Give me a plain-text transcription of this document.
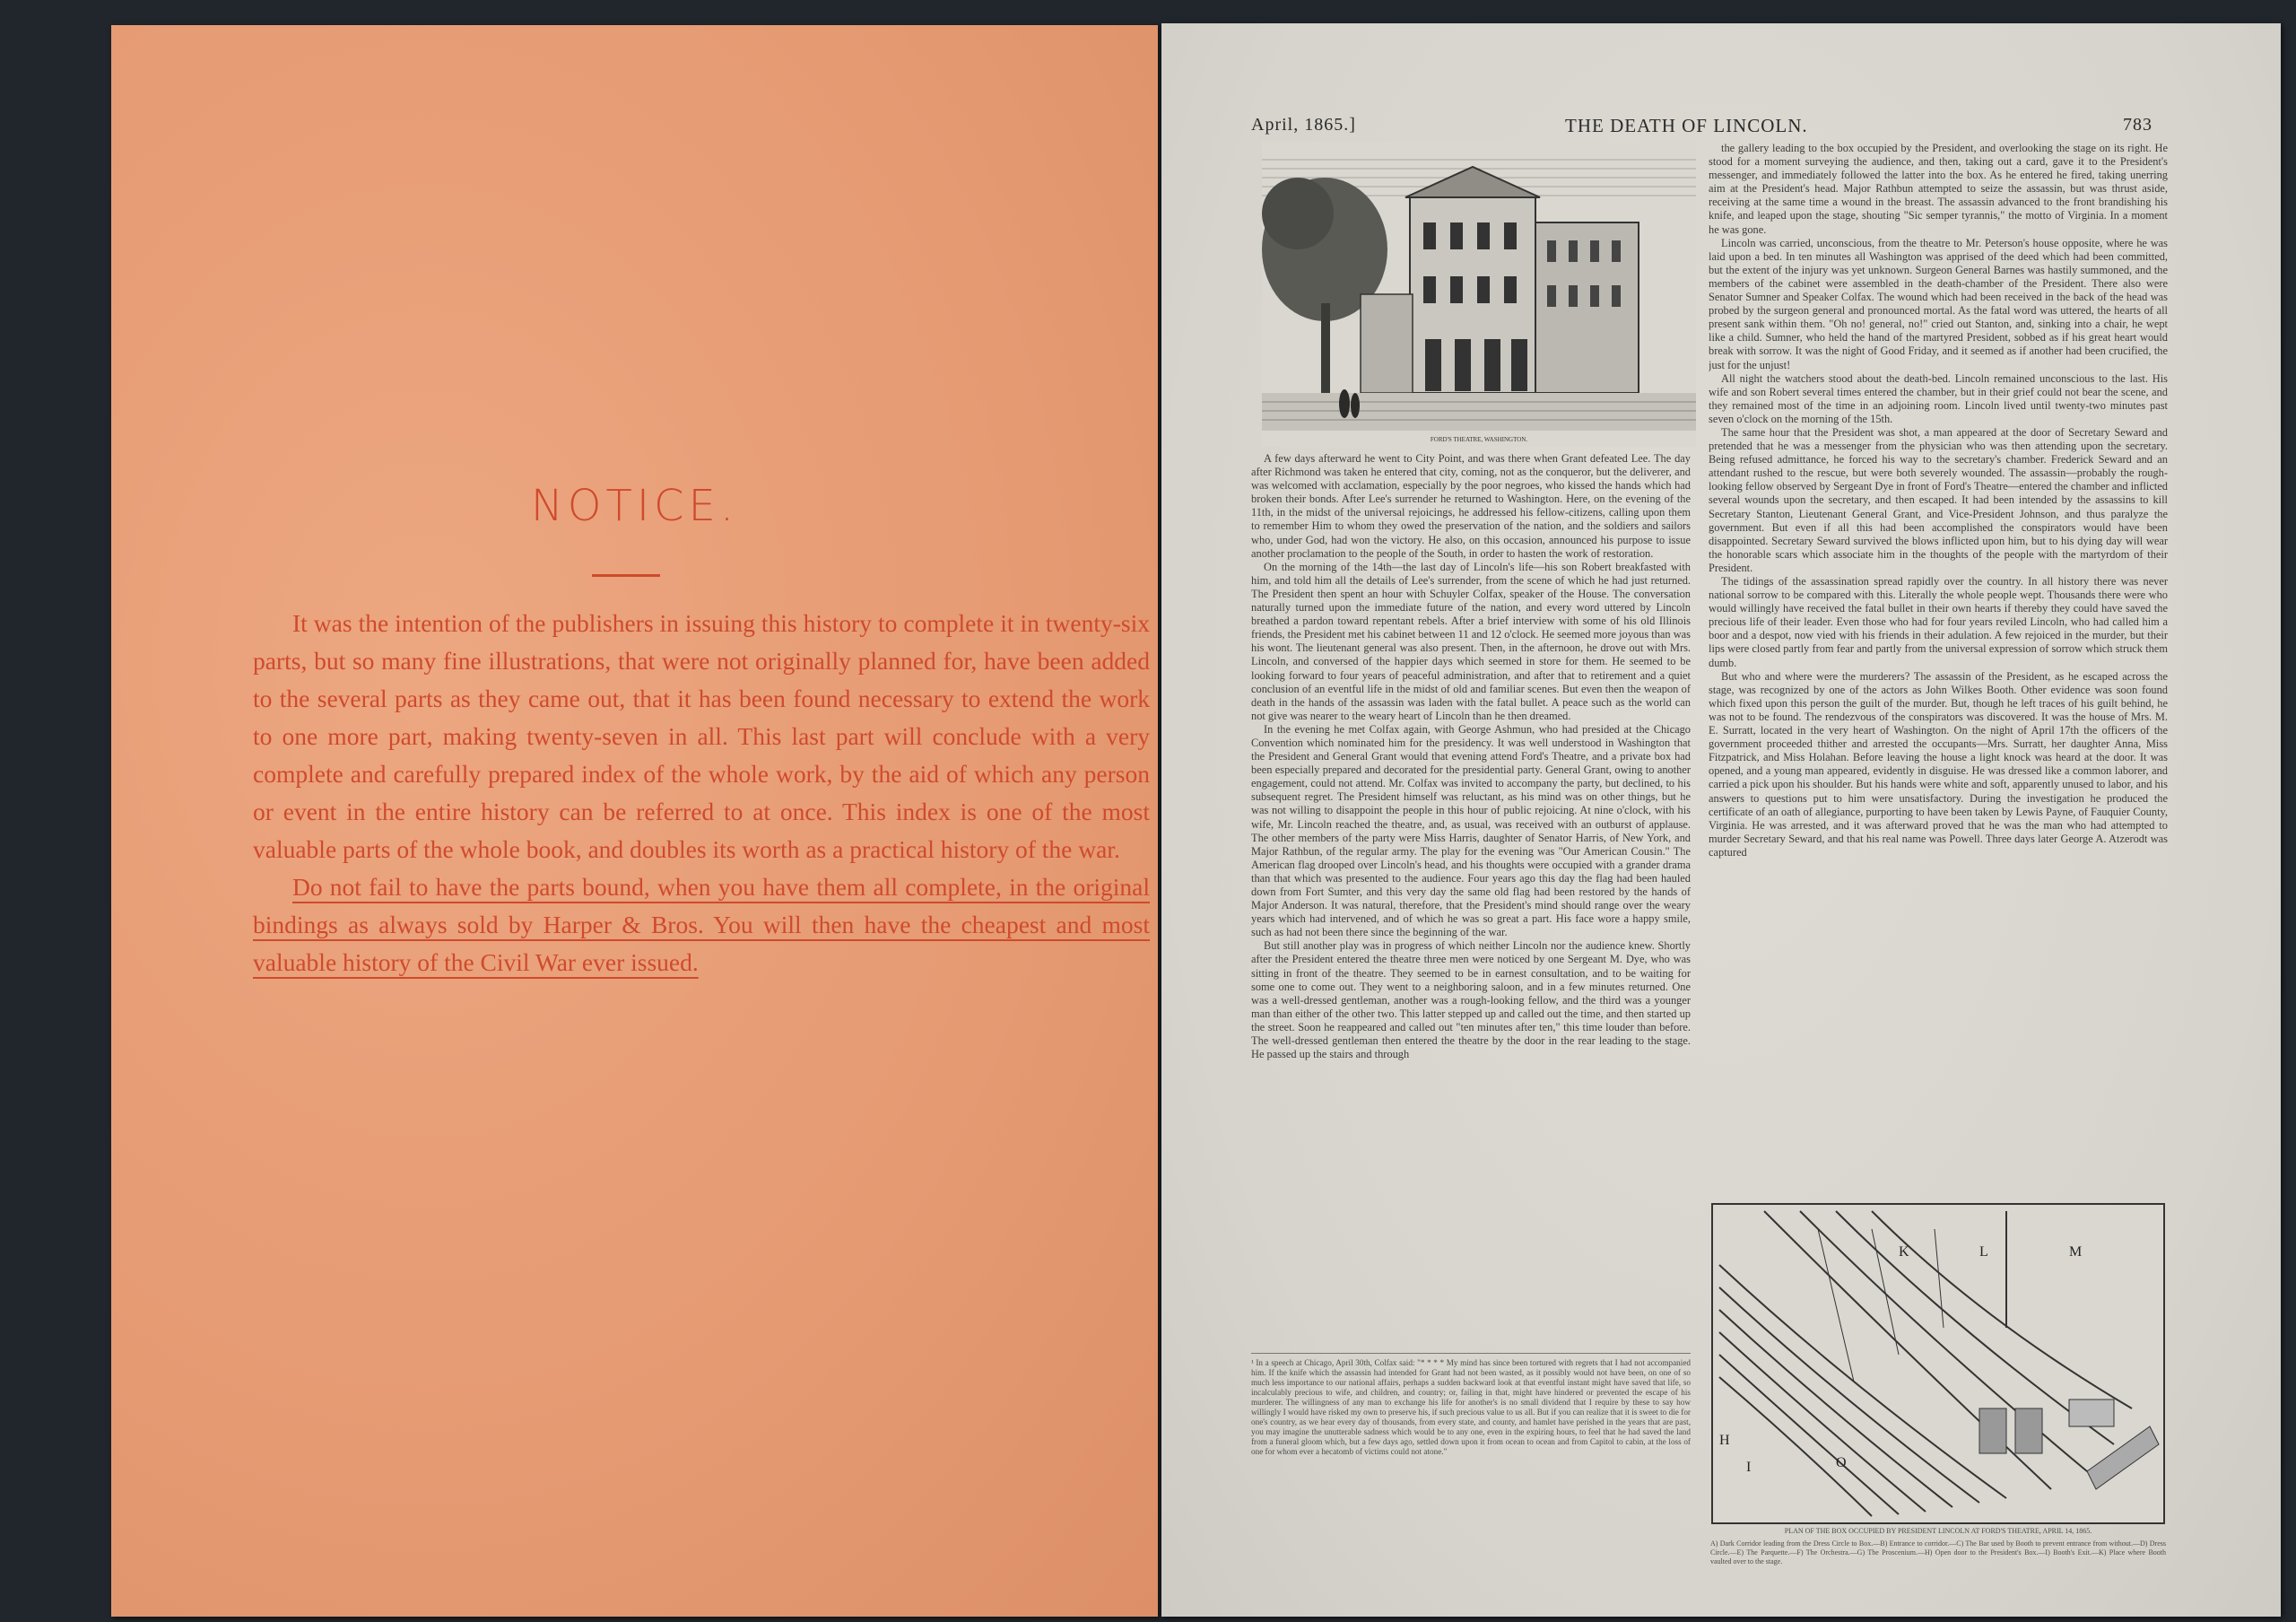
NOTICE.

It was the intention of the publishers in issuing this history to complete it in twenty-six parts, but so many fine illustrations, that were not originally planned for, have been added to the several parts as they came out, that it has been found necessary to extend the work to one more part, making twenty-seven in all. This last part will conclude with a very complete and carefully prepared index of the whole work, by the aid of which any person or event in the entire history can be referred to at once. This index is one of the most valuable parts of the whole book, and doubles its worth as a practical history of the war.

Do not fail to have the parts bound, when you have them all complete, in the original bindings as always sold by Harper & Bros. You will then have the cheapest and most valuable history of the Civil War ever issued.

April, 1865.]	THE DEATH OF LINCOLN.	783
FORD'S THEATRE, WASHINGTON.

A few days afterward he went to City Point, and was there when Grant defeated Lee. The day after Richmond was taken he entered that city, coming, not as the conqueror, but the deliverer, and was welcomed with acclamation, especially by the poor negroes, who kissed the hands which had broken their bonds. After Lee's surrender he returned to Washington. Here, on the evening of the 11th, in the midst of the universal rejoicings, he addressed his fellow-citizens, calling upon them to remember Him to whom they owed the preservation of the nation, and the soldiers and sailors who, under God, had won the victory. He also, on this occasion, announced his purpose to issue another proclamation to the people of the South, in order to hasten the work of restoration.

On the morning of the 14th—the last day of Lincoln's life—his son Robert breakfasted with him, and told him all the details of Lee's surrender, from the scene of which he had just returned. The President then spent an hour with Schuyler Colfax, speaker of the House. The conversation naturally turned upon the immediate future of the nation, and every word uttered by Lincoln breathed a pardon toward repentant rebels. After a brief interview with some of his old Illinois friends, the President met his cabinet between 11 and 12 o'clock. He seemed more joyous than was his wont. The lieutenant general was also present. Then, in the afternoon, he drove out with Mrs. Lincoln, and conversed of the happier days which seemed in store for them. He seemed to be looking forward to four years of peaceful administration, and after that to retirement and a quiet conclusion of an eventful life in the midst of old and familiar scenes. But even then the weapon of death in the hands of the assassin was laden with the fatal bullet. A peace such as the world can not give was nearer to the weary heart of Lincoln than he then dreamed.

In the evening he met Colfax again, with George Ashmun, who had presided at the Chicago Convention which nominated him for the presidency. It was well understood in Washington that the President and General Grant would that evening attend Ford's Theatre, and a private box had been especially prepared and decorated for the presidential party. General Grant, owing to another engagement, could not attend. Mr. Colfax was invited to accompany the party, but declined, to his subsequent regret. The President himself was reluctant, as his mind was on other things, but he was not willing to disappoint the people in this hour of public rejoicing. At nine o'clock, with his wife, Mr. Lincoln reached the theatre, and, as usual, was received with an outburst of applause. The other members of the party were Miss Harris, daughter of Senator Harris, of New York, and Major Rathbun, of the regular army. The play for the evening was "Our American Cousin." The American flag drooped over Lincoln's head, and his thoughts were occupied with a grander drama than that which was presented to the audience. Four years ago this day the flag had been hauled down from Fort Sumter, and this very day the same old flag had been restored by the hands of Major Anderson. It was natural, therefore, that the President's mind should range over the weary years which had intervened, and of which he was so great a part. His face wore a happy smile, such as had not been there since the beginning of the war.

But still another play was in progress of which neither Lincoln nor the audience knew. Shortly after the President entered the theatre three men were noticed by one Sergeant M. Dye, who was sitting in front of the theatre. They seemed to be in earnest consultation, and to be waiting for some one to come out. They went to a neighboring saloon, and in a few minutes returned. One was a well-dressed gentleman, another was a rough-looking fellow, and the third was a younger man than either of the other two. This latter stepped up and called out the time, and then started up the street. Soon he reappeared and called out "ten minutes after ten," this time louder than before. The well-dressed gentleman then entered the theatre by the door in the rear leading to the stage. He passed up the stairs and through

¹ In a speech at Chicago, April 30th, Colfax said: "* * * * My mind has since been tortured with regrets that I had not accompanied him. If the knife which the assassin had intended for Grant had not been wasted, as it possibly would not have been, on one of so much less importance to our national affairs, perhaps a sudden backward look at that eventful instant might have saved that life, so incalculably precious to wife, and children, and country; or, failing in that, might have hindered or prevented the escape of his murderer. The willingness of any man to exchange his life for another's is no small dividend that I require by these to say how willingly I would have risked my own to preserve his, if such precious value to us all. But if you can realize that it is sweet to die for one's country, as we hear every day of thousands, from every state, and county, and hamlet have perished in the years that are past, you may imagine the unutterable sadness which would be to any one, even in the expiring hours, to feel that he had saved the land from a funeral gloom which, but a few days ago, settled down upon it from ocean to ocean and from Capitol to cabin, at the loss of one for whom ever a hecatomb of victims could not atone."

the gallery leading to the box occupied by the President, and overlooking the stage on its right. He stood for a moment surveying the audience, and then, taking out a card, gave it to the President's messenger, and immediately followed the latter into the box. As he entered he fired, taking unerring aim at the President's head. Major Rathbun attempted to seize the assassin, but was thrust aside, receiving at the same time a wound in the breast. The assassin advanced to the front brandishing his knife, and leaped upon the stage, shouting "Sic semper tyrannis," the motto of Virginia. In a moment he was gone.

Lincoln was carried, unconscious, from the theatre to Mr. Peterson's house opposite, where he was laid upon a bed. In ten minutes all Washington was apprised of the deed which had been committed, but the extent of the injury was yet unknown. Surgeon General Barnes was hastily summoned, and the members of the cabinet were assembled in the death-chamber of the President. There also were Senator Sumner and Speaker Colfax. The wound which had been received in the back of the head was probed by the surgeon general and pronounced mortal. As the fatal word was uttered, the hearts of all present sank within them. "Oh no! general, no!" cried out Stanton, and, sinking into a chair, he wept like a child. Sumner, who held the hand of the martyred President, sobbed as if his great heart would break with sorrow. It was the night of Good Friday, and it seemed as if another had been crucified, the just for the unjust!

All night the watchers stood about the death-bed. Lincoln remained unconscious to the last. His wife and son Robert several times entered the chamber, but in their grief could not bear the scene, and they remained most of the time in an adjoining room. Lincoln lived until twenty-two minutes past seven o'clock on the morning of the 15th.

The same hour that the President was shot, a man appeared at the door of Secretary Seward and pretended that he was a messenger from the physician who was then attending upon the secretary. Being refused admittance, he forced his way to the secretary's chamber. Frederick Seward and an attendant rushed to the rescue, but were both severely wounded. The assassin—probably the rough-looking fellow observed by Sergeant Dye in front of Ford's Theatre—entered the chamber and inflicted several wounds upon the secretary, and then escaped. It had been intended by the assassins to kill Secretary Stanton, Lieutenant General Grant, and Vice-President Johnson, and thus paralyze the government. But even if all this had been accomplished the conspirators would have been disappointed. Secretary Seward survived the blows inflicted upon him, but to his dying day will wear the honorable scars which associate him in the thoughts of the people with the martyrdom of their President.

The tidings of the assassination spread rapidly over the country. In all history there was never national sorrow to be compared with this. Literally the whole people wept. Thousands there were who would willingly have received the fatal bullet in their own hearts if thereby they could have saved the precious life of their leader. Even those who had for four years reviled Lincoln, who had called him a boor and a despot, now vied with his friends in their adulation. A few rejoiced in the murder, but their lips were closed partly from fear and partly from the universal expression of sorrow which struck them dumb.

But who and where were the murderers? The assassin of the President, as he escaped across the stage, was recognized by one of the actors as John Wilkes Booth. Other evidence was soon found which fixed upon this person the guilt of the murder. But, though he left traces of his guilt behind, he was not to be found. The rendezvous of the conspirators was discovered. It was the house of Mrs. M. E. Surratt, located in the very heart of Washington. On the night of April 17th the officers of the government proceeded thither and arrested the occupants—Mrs. Surratt, her daughter Anna, Miss Fitzpatrick, and Miss Holahan. Before leaving the house a light knock was heard at the door. It was opened, and a young man appeared, evidently in disguise. He was dressed like a common laborer, and carried a pick upon his shoulder. But his hands were white and soft, apparently unused to labor, and his answers to questions put to him were unsatisfactory. During the investigation he produced the certificate of an oath of allegiance, purporting to have been taken by Lewis Payne, of Fauquier County, Virginia. He was arrested, and it was afterward proved that he was the man who had attempted to murder Secretary Seward, and that his real name was Powell. Three days later George A. Atzerodt was captured

K	L	M
H
I	O
PLAN OF THE BOX OCCUPIED BY PRESIDENT LINCOLN AT FORD'S THEATRE, APRIL 14, 1865.
A) Dark Corridor leading from the Dress Circle to Box.—B) Entrance to corridor.—C) The Bar used by Booth to prevent entrance from without.—D) Dress Circle.—E) The Parquette.—F) The Orchestra.—G) The Proscenium.—H) Open door to the President's Box.—I) Booth's Exit.—K) Place where Booth vaulted over to the stage.
